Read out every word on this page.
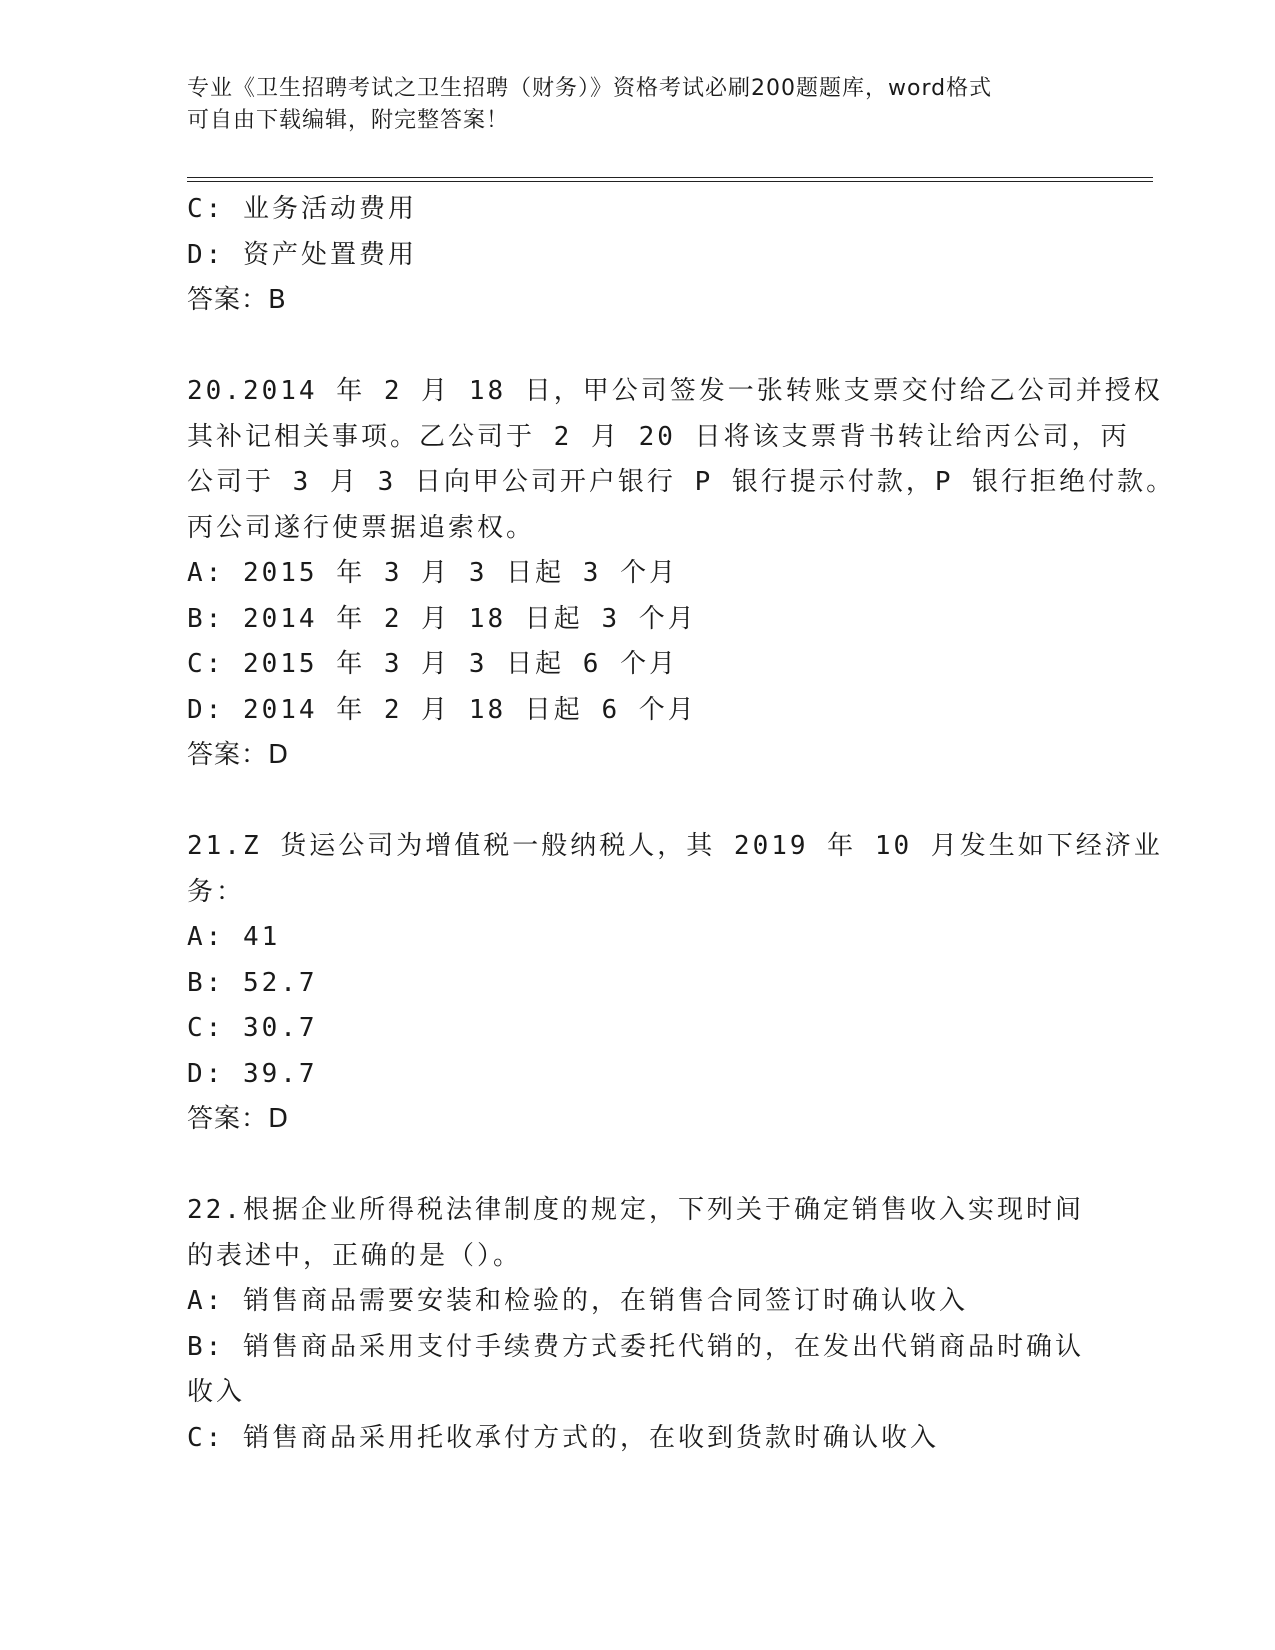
专业《卫生招聘考试之卫生招聘（财务）》资格考试必刷200题题库，word格式
可自由下载编辑，附完整答案！
C: 业务活动费用
D: 资产处置费用
答案：B
20.2014 年 2 月 18 日，甲公司签发一张转账支票交付给乙公司并授权
其补记相关事项。乙公司于 2 月 20 日将该支票背书转让给丙公司，丙
公司于 3 月 3 日向甲公司开户银行 P 银行提示付款，P 银行拒绝付款。
丙公司遂行使票据追索权。
A: 2015 年 3 月 3 日起 3 个月
B: 2014 年 2 月 18 日起 3 个月
C: 2015 年 3 月 3 日起 6 个月
D: 2014 年 2 月 18 日起 6 个月
答案：D
21.Z 货运公司为增值税一般纳税人，其 2019 年 10 月发生如下经济业
务：
A: 41
B: 52.7
C: 30.7
D: 39.7
答案：D
22.根据企业所得税法律制度的规定，下列关于确定销售收入实现时间
的表述中，正确的是（）。
A: 销售商品需要安装和检验的，在销售合同签订时确认收入
B: 销售商品采用支付手续费方式委托代销的，在发出代销商品时确认
收入
C: 销售商品采用托收承付方式的，在收到货款时确认收入
